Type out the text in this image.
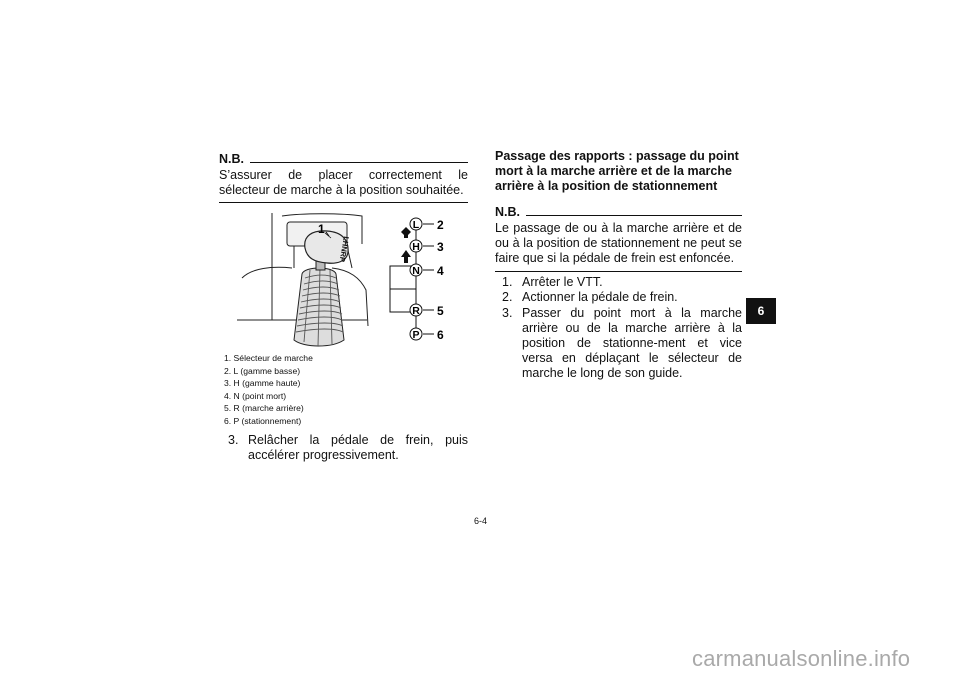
N.B.
S’assurer de placer correctement le sélecteur de marche à la position souhaitée.
LHNRP
1	L
H
N
R
P
2
3
4
5
6
1. Sélecteur de marche
2. L (gamme basse)
3. H (gamme haute)
4. N (point mort)
5. R (marche arrière)
6. P (stationnement)
3. Relâcher la pédale de frein, puis accélérer progressivement.
Passage des rapports : passage du point mort à la marche arrière et de la marche arrière à la position de stationnement
N.B.
Le passage de ou à la marche arrière et de ou à la position de stationnement ne peut se faire que si la pédale de frein est enfoncée.
1. Arrêter le VTT.
2. Actionner la pédale de frein.
3. Passer du point mort à la marche arrière ou de la marche arrière à la position de stationne-ment et vice versa en déplaçant le sélecteur de marche le long de son guide.
6
6-4
carmanualsonline.info
